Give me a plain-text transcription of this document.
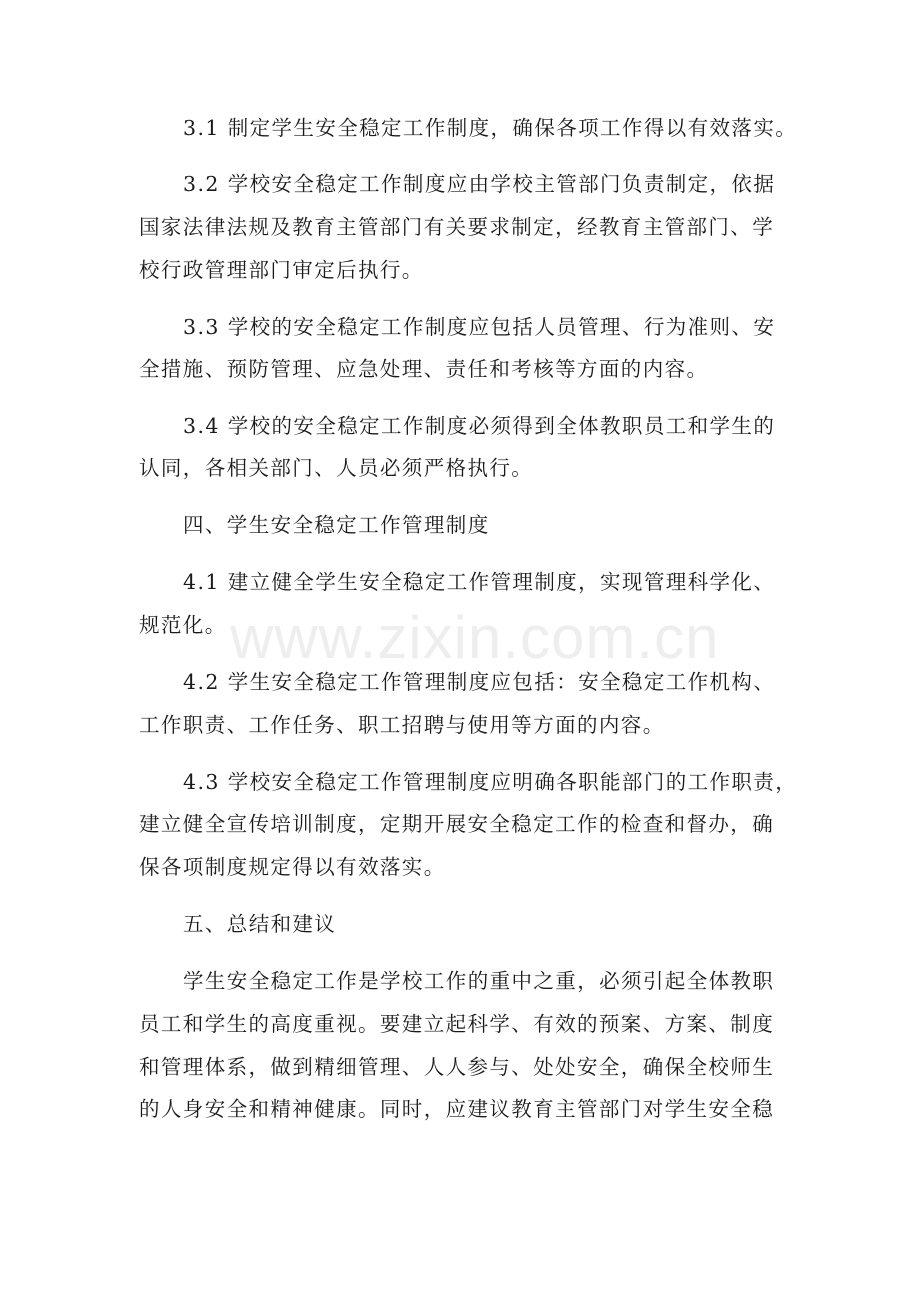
3.1 制定学生安全稳定工作制度，确保各项工作得以有效落实。
3.2 学校安全稳定工作制度应由学校主管部门负责制定，依据
国家法律法规及教育主管部门有关要求制定，经教育主管部门、学
校行政管理部门审定后执行。
3.3 学校的安全稳定工作制度应包括人员管理、行为准则、安
全措施、预防管理、应急处理、责任和考核等方面的内容。
3.4 学校的安全稳定工作制度必须得到全体教职员工和学生的
认同，各相关部门、人员必须严格执行。
四、学生安全稳定工作管理制度
4.1 建立健全学生安全稳定工作管理制度，实现管理科学化、
规范化。
4.2 学生安全稳定工作管理制度应包括：安全稳定工作机构、
工作职责、工作任务、职工招聘与使用等方面的内容。
4.3 学校安全稳定工作管理制度应明确各职能部门的工作职责，
建立健全宣传培训制度，定期开展安全稳定工作的检查和督办，确
保各项制度规定得以有效落实。
五、总结和建议
学生安全稳定工作是学校工作的重中之重，必须引起全体教职
员工和学生的高度重视。要建立起科学、有效的预案、方案、制度
和管理体系，做到精细管理、人人参与、处处安全，确保全校师生
的人身安全和精神健康。同时，应建议教育主管部门对学生安全稳
www.zixin.com.cn
